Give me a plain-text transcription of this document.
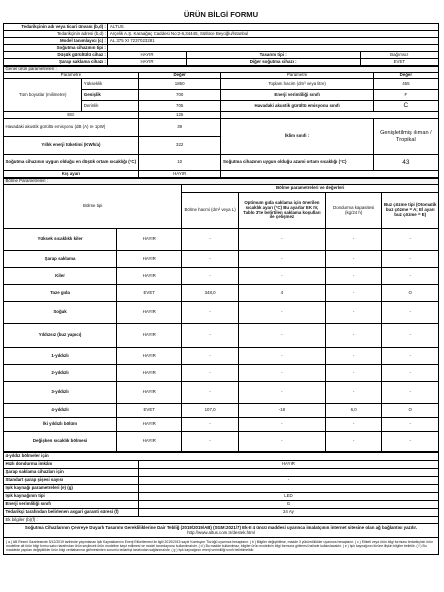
ÜRÜN BİLGİ FORMU
Tedarikçinin adı veya ticari ünvanı (b,d) :	ALTUS		
Tedarikçinin adresi (b,d) :	Arçelik A.Ş. Karaağaç Caddesi No:2-6,34445, Sütlüce Beyoğlu/İstanbul		
Model tanımlayıcı (c) :	AL 375 XI 7237023281		
Soğutma cihazının tipi :			
Düşük gürültülü cihaz :	HAYIR	Tasarım tipi :	Bağımsız
Şarap saklama cihazı :	HAYIR	Diğer soğutma cihazı :	EVET
Genel ürün parametreleri :				
Parametre		Değer	Parametre	Değer
Tüm boyutlar (milimetre)	Yükseklik	1850	Toplam hacim (dm³ veya litre)	455
	Genişlik	700	Enerji verimliliği sınıfı	F
	Derinlik	705	Havadaki akustik gürültü emisyonu sınıfı	C
EEI		125		
Havadaki akustik gürültü emisyonu (dB (A) re 1pW)		39	İklim sınıfı :	Genişletilmiş ılıman / Tropikal
Yıllık enerji tüketimi (KWh/a)		322		
Soğutma cihazının uygun olduğu en düşük ortam sıcaklığı (°C)		10	Soğutma cihazının uygun olduğu azami ortam sıcaklığı (°C)	43
Kış ayarı		HAYIR		
Bölme Parametreleri :					
Bölme tipi		Bölme parametreleri ve değerleri			
		Bölme hacmi (dm³ veya L)	Optimum gıda saklama için önerilen sıcaklık ayarı (°C) Bu ayarlar EK IV, Tablo 3'te belirtilen saklama koşulları ile çelişmez	Dondurma kapasitesi (kg/24 h)	Buz çözme tipi (Otomatik buz çözme = A; El ayarı buz çözme = E)
Yüksek sıcaklıklı kiler	HAYIR	-	-	-	-
Şarap saklama	HAYIR	-	-	-	-
Kiler	HAYIR	-	-	-	-
Taze gıda	EVET	348,0	4	-	O
Soğuk	HAYIR	-	-	-	-
Yıldızsız (buz yapıcı)	HAYIR	-	-	-	-
1-yıldızlı	HAYIR	-	-	-	-
2-yıldızlı	HAYIR	-	-	-	-
3-yıldızlı	HAYIR	-	-	-	-
4-yıldızlı	EVET	107,0	-18	6,0	O
İki yıldızlı bölüm	HAYIR	-	-	-	-
Değişken sıcaklık bölmesi	HAYIR	-	-	-	-
4-yıldız bölmeler için	
Hızlı dondurma imkânı	HAYIR
Şarap saklama cihazları için	
Standart şarap şişesi sayısı	-
Işık kaynağı parametreleri (e) (g)	
Işık kaynağının tipi	LED
Enerji verimliliği sınıfı	G
Tedarikçi tarafından belirlenen asgari garanti süresi (f)	24 Ay
Ek bilgiler (b)(f) :	
Soğutma Cihazlarının Çevreye Duyarlı Tasarımı Gerekliliklerine Dair Tebliğ (2019/2019/AB) (SGM:2021/7) Ek-II 4 üncü maddesi uyarınca imalatçının internet sitesine olan ağ bağlantısı yazılır.
http://www.altus.com.tr/destek.html	
( a ) AB Resmi Gazetesinde 5/12/2019 tarihinde yayımlanan İşik Kaynaklarının Enerji Etiketlemesi ile ilgili 2019/2015 sayılı Komisyon Tüzüğü uyarınca hesaplanır. ( b ) Bilgiler değiştirilirse, madde 3 yükümlülükler uyarınca hesaplanır. ( c ) Etiketi veya ürün bilgi formunu tedarikçinin ürün modeline ait ürün bilgi formu satıcı tarafından ürün seçilecek ürün modeline kayıt edilmesi ve model tanımlayıcısı kullanılmalıdır. ( d ) Bu madde kullanılmaz, bilgiler ürün modelinin bilgi formuna girilmesi halinde kullanılacaktır. ( e ) Işık kaynağının türüne ilişkin bilgiler belirtilir. ( f ) Bu maddede yapılan değişiklikler ürün bilgi veritabanına girilmesinden sorumlu tedarikçi tarafından sağlanmalıdır. ( g ) Işık kaynağının enerji verimliliği sınıfı belirtilmelidir.	
